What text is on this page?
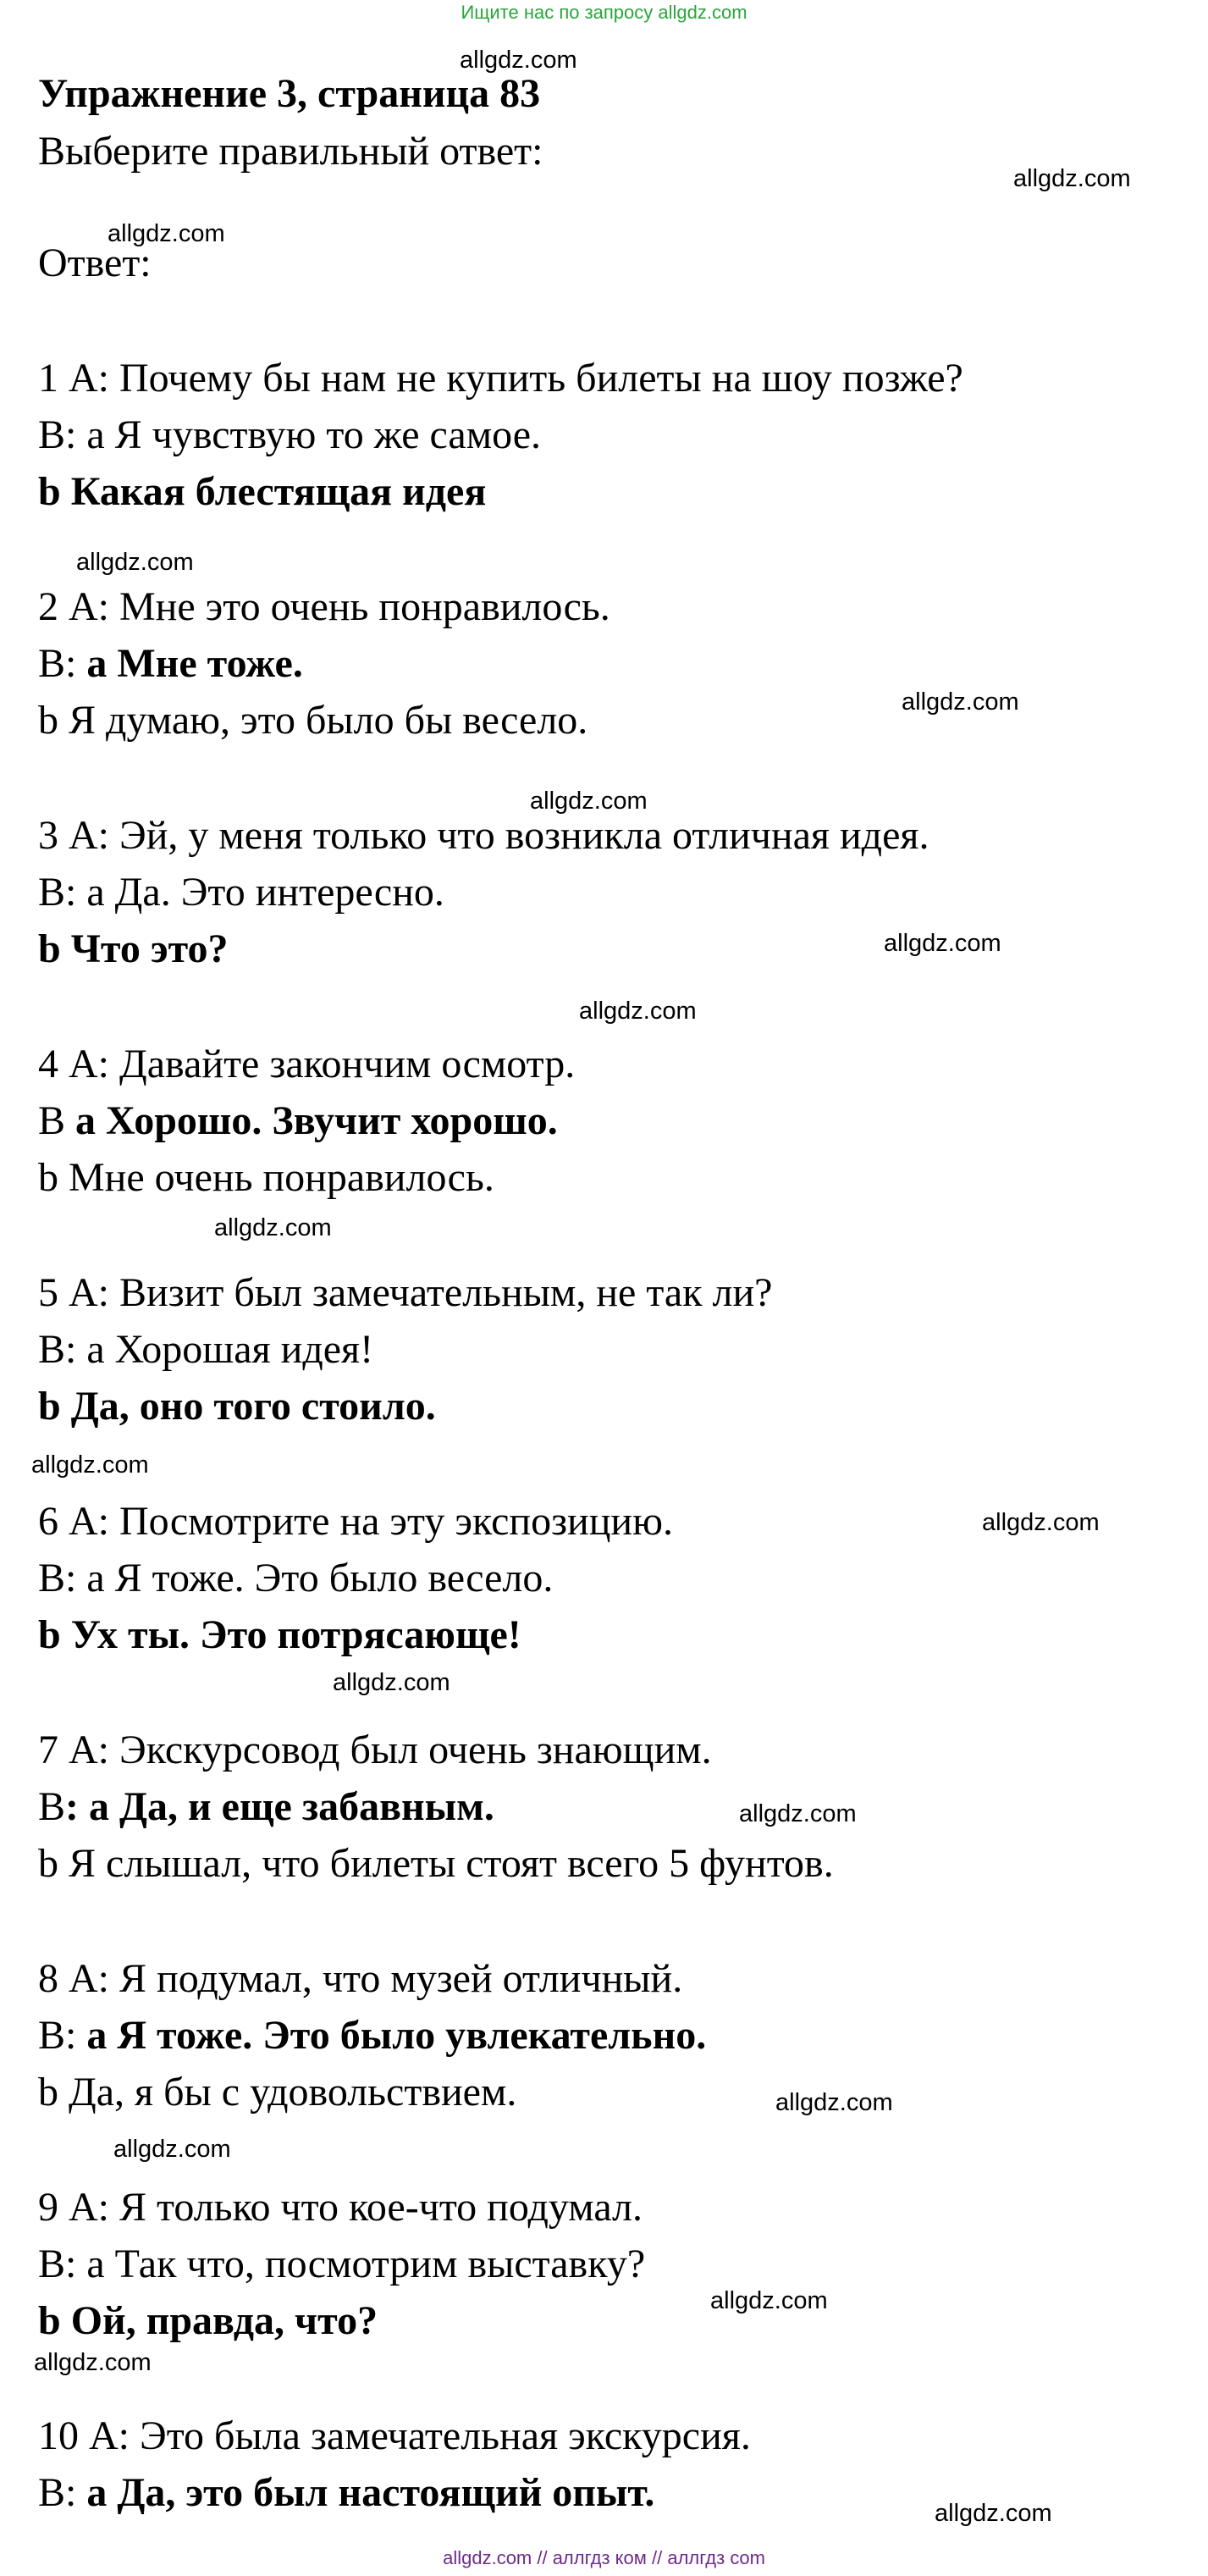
Ищите нас по запросу allgdz.com
Упражнение 3, страница 83
Выберите правильный ответ:
Ответ:
1 А: Почему бы нам не купить билеты на шоу позже?
В: а Я чувствую то же самое.
b Какая блестящая идея
2 А: Мне это очень понравилось.
В: а Мне тоже.
b Я думаю, это было бы весело.
3 А: Эй, у меня только что возникла отличная идея.
В: а Да. Это интересно.
b Что это?
4 А: Давайте закончим осмотр.
В а Хорошо. Звучит хорошо.
b Мне очень понравилось.
5 А: Визит был замечательным, не так ли?
В: а Хорошая идея!
b Да, оно того стоило.
6 А: Посмотрите на эту экспозицию.
В: а Я тоже. Это было весело.
b Ух ты. Это потрясающе!
7 А: Экскурсовод был очень знающим.
В: а Да, и еще забавным.
b Я слышал, что билеты стоят всего 5 фунтов.
8 А: Я подумал, что музей отличный.
В: а Я тоже. Это было увлекательно.
b Да, я бы с удовольствием.
9 А: Я только что кое-что подумал.
В: а Так что, посмотрим выставку?
b Ой, правда, что?
10 А: Это была замечательная экскурсия.
В: а Да, это был настоящий опыт.
allgdz.com
allgdz.com
allgdz.com
allgdz.com
allgdz.com
allgdz.com
allgdz.com
allgdz.com
allgdz.com
allgdz.com
allgdz.com
allgdz.com
allgdz.com
allgdz.com
allgdz.com
allgdz.com
allgdz.com
allgdz.com
allgdz.com // аллгдз ком // аллгдз com
